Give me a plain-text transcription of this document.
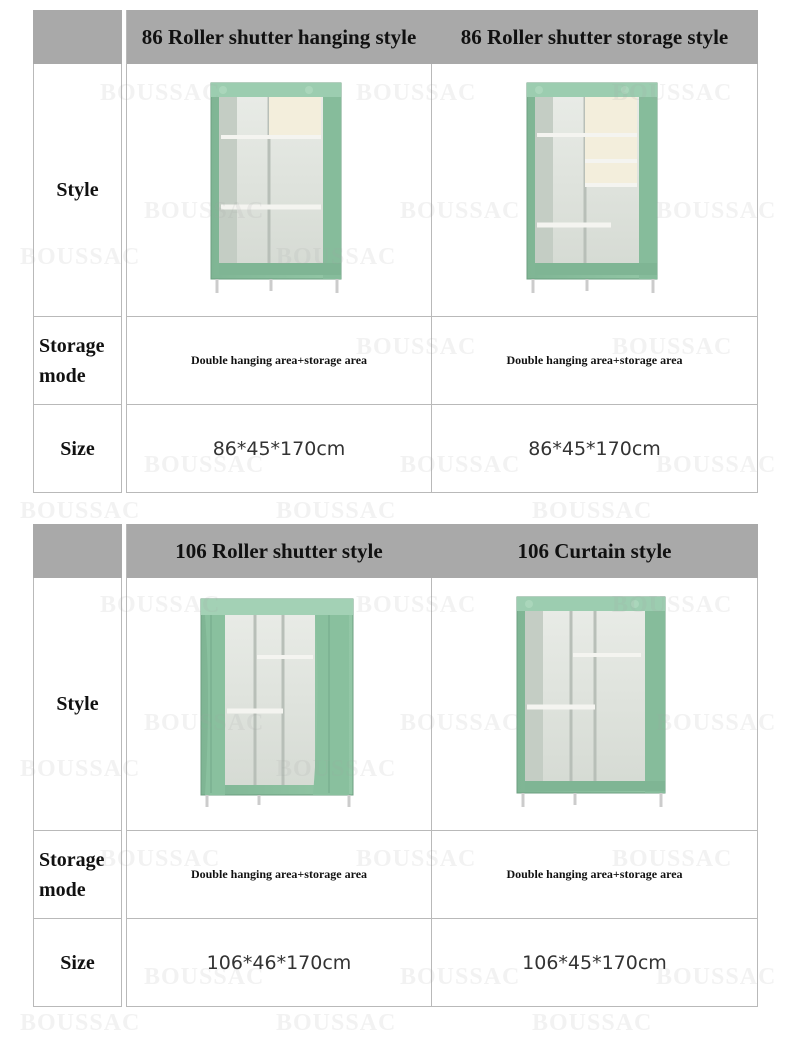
BOUSSAC	BOUSSAC	BOUSSAC
BOUSSAC	BOUSSAC	BOUSSAC
BOUSSAC
BOUSSAC	BOUSSAC
BOUSSAC	BOUSSAC	BOUSSAC
BOUSSAC	BOUSSAC	BOUSSAC
BOUSSAC	BOUSSAC	BOUSSAC
BOUSSAC	BOUSSAC
BOUSSAC
BOUSSAC	BOUSSAC	BOUSSAC
BOUSSAC	BOUSSAC	BOUSSAC
BOUSSAC	BOUSSAC	BOUSSAC
		86 Roller shutter hanging style	86 Roller shutter storage style
Style		

Storage
mode		Double hanging area+storage area	Double hanging area+storage area
Size		86*45*170cm	86*45*170cm
		106 Roller shutter style	106 Curtain style
Style		

Storage
mode		Double hanging area+storage area	Double hanging area+storage area
Size		106*46*170cm	106*45*170cm
